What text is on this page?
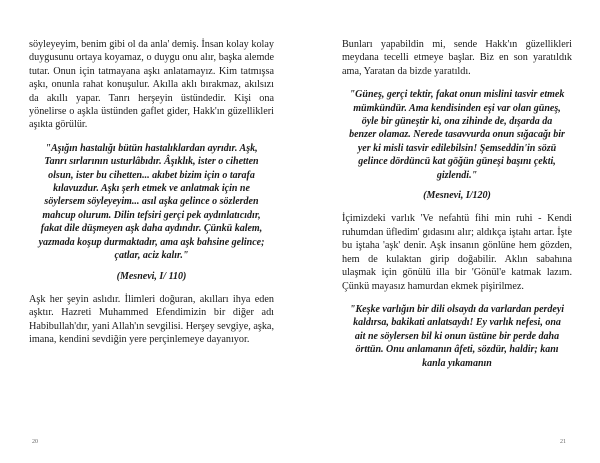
söyleyeyim, benim gibi ol da anla' demiş. İnsan kolay kolay duygusunu ortaya koyamaz, o duygu onu alır, başka alemde tutar. Onun için tatmayana aşkı anlatamayız. Kim tatmışsa aşkı, onunla rahat konuşulur. Akılla aklı bırakmaz, akılsızı da akıllı yapar. Tanrı herşeyin üstündedir. Kişi ona yönelirse o aşkla üstünden gaflet gider, Hakk'ın güzellikleri aşıkta görülür.

"Aşığın hastalığı bütün hastalıklardan ayrıdır. Aşk, Tanrı sırlarının usturlâbıdır. Âşıklık, ister o cihetten olsun, ister bu cihetten... akıbet bizim için o tarafa kılavuzdur. Aşkı şerh etmek ve anlatmak için ne söylersem söyleyeyim... asıl aşka gelince o sözlerden mahcup olurum. Dilin tefsiri gerçi pek aydınlatıcıdır, fakat dile düşmeyen aşk daha aydındır. Çünkü kalem, yazmada koşup durmaktadır, ama aşk bahsine gelince; çatlar, aciz kalır."

(Mesnevi, I/ 110)

Aşk her şeyin aslıdır. İlimleri doğuran, akılları ihya eden aşktır. Hazreti Muhammed Efendimizin bir diğer adı Habibullah'dır, yani Allah'ın sevgilisi. Herşey sevgiye, aşka, imana, kendini sevdiğin yere perçinlemeye dayanıyor.

20

Bunları yapabildin mi, sende Hakk'ın güzellikleri meydana tecelli etmeye başlar. Biz en son yaratıldık ama, Yaratan da bizde yaratıldı.

"Güneş, gerçi tektir, fakat onun mislini tasvir etmek mümkündür. Ama kendisinden eşi var olan güneş, öyle bir güneştir ki, ona zihinde de, dışarda da benzer olamaz. Nerede tasavvurda onun sığacağı bir yer ki misli tasvir edilebilsin! Şemseddin'in sözü gelince dördüncü kat göğün güneşi başını çekti, gizlendi."

(Mesnevi, I/120)

İçimizdeki varlık 'Ve nefahtü fihi min ruhi - Kendi ruhumdan üfledim' gıdasını alır; aldıkça iştahı artar. İşte bu iştaha 'aşk' denir. Aşk insanın gönlüne hem gözden, hem de kulaktan girip doğabilir. Aklın sabahına ulaşmak için gönülü illa bir 'Gönül'e katmak lazım. Çünkü mayasız hamurdan ekmek pişirilmez.

"Keşke varlığın bir dili olsaydı da varlardan perdeyi kaldırsa, bakikati anlatsaydı! Ey varlık nefesi, ona ait ne söylersen bil ki onun üstüne bir perde daha örttün. Onu anlamanın âfeti, sözdür, haldir; kanı kanla yıkamanın

21
